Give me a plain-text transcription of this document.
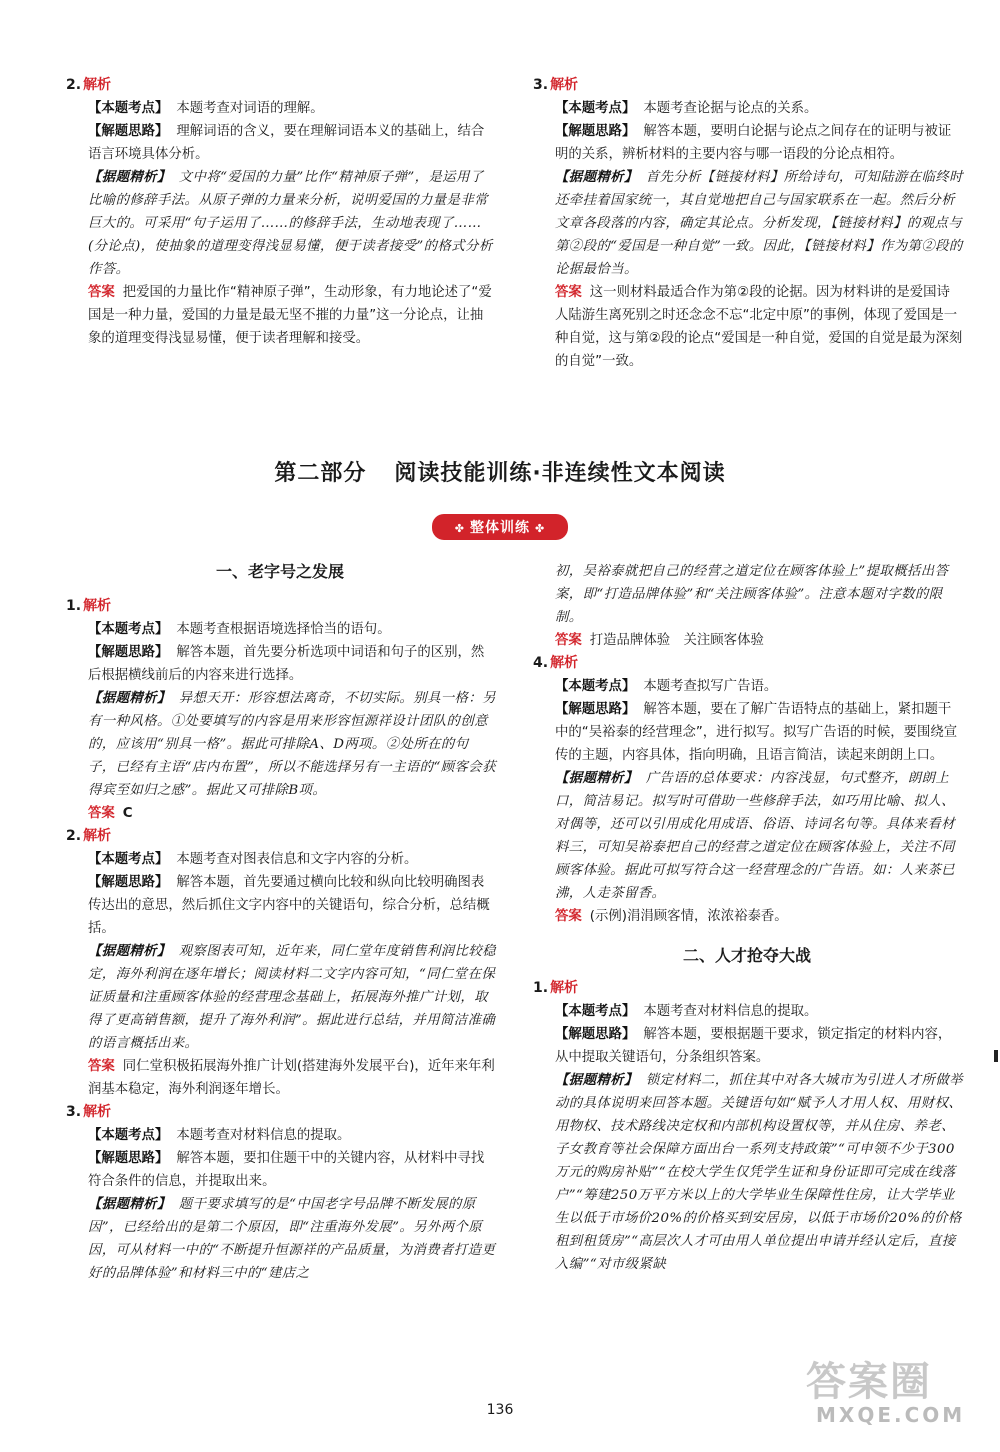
2. 解析

【本题考点】 本题考查对词语的理解。

【解题思路】 理解词语的含义，要在理解词语本义的基础上，结合语言环境具体分析。

【据题精析】 文中将“爱国的力量”比作“精神原子弹”，是运用了比喻的修辞手法。从原子弹的力量来分析，说明爱国的力量是非常巨大的。可采用“句子运用了……的修辞手法，生动地表现了……(分论点)，使抽象的道理变得浅显易懂，便于读者接受”的格式分析作答。

答案 把爱国的力量比作“精神原子弹”，生动形象，有力地论述了“爱国是一种力量，爱国的力量是最无坚不摧的力量”这一分论点，让抽象的道理变得浅显易懂，便于读者理解和接受。

3. 解析

【本题考点】 本题考查论据与论点的关系。

【解题思路】 解答本题，要明白论据与论点之间存在的证明与被证明的关系，辨析材料的主要内容与哪一语段的分论点相符。

【据题精析】 首先分析【链接材料】所给诗句，可知陆游在临终时还牵挂着国家统一，其自觉地把自己与国家联系在一起。然后分析文章各段落的内容，确定其论点。分析发现，【链接材料】的观点与第②段的“爱国是一种自觉”一致。因此，【链接材料】作为第②段的论据最恰当。

答案 这一则材料最适合作为第②段的论据。因为材料讲的是爱国诗人陆游生离死别之时还念念不忘“北定中原”的事例，体现了爱国是一种自觉，这与第②段的论点“爱国是一种自觉，爱国的自觉是最为深刻的自觉”一致。

第二部分 阅读技能训练·非连续性文本阅读
✤ 整体训练 ✤

一、老字号之发展

1. 解析

【本题考点】 本题考查根据语境选择恰当的语句。

【解题思路】 解答本题，首先要分析选项中词语和句子的区别，然后根据横线前后的内容来进行选择。

【据题精析】 异想天开：形容想法离奇，不切实际。别具一格：另有一种风格。①处要填写的内容是用来形容恒源祥设计团队的创意的，应该用“别具一格”。据此可排除A、D两项。②处所在的句子，已经有主语“店内布置”，所以不能选择另有一主语的“顾客会获得宾至如归之感”。据此又可排除B项。

答案 C

2. 解析

【本题考点】 本题考查对图表信息和文字内容的分析。

【解题思路】 解答本题，首先要通过横向比较和纵向比较明确图表传达出的意思，然后抓住文字内容中的关键语句，综合分析，总结概括。

【据题精析】 观察图表可知，近年来，同仁堂年度销售利润比较稳定，海外利润在逐年增长；阅读材料二文字内容可知，“同仁堂在保证质量和注重顾客体验的经营理念基础上，拓展海外推广计划，取得了更高销售额，提升了海外利润”。据此进行总结，并用简洁准确的语言概括出来。

答案 同仁堂积极拓展海外推广计划(搭建海外发展平台)，近年来年利润基本稳定，海外利润逐年增长。

3. 解析

【本题考点】 本题考查对材料信息的提取。

【解题思路】 解答本题，要扣住题干中的关键内容，从材料中寻找符合条件的信息，并提取出来。

【据题精析】 题干要求填写的是“中国老字号品牌不断发展的原因”，已经给出的是第二个原因，即“注重海外发展”。另外两个原因，可从材料一中的“不断提升恒源祥的产品质量，为消费者打造更好的品牌体验”和材料三中的“建店之

初，吴裕泰就把自己的经营之道定位在顾客体验上”提取概括出答案，即“打造品牌体验”和“关注顾客体验”。注意本题对字数的限制。

答案 打造品牌体验　关注顾客体验

4. 解析

【本题考点】 本题考查拟写广告语。

【解题思路】 解答本题，要在了解广告语特点的基础上，紧扣题干中的“吴裕泰的经营理念”，进行拟写。拟写广告语的时候，要围绕宣传的主题，内容具体，指向明确，且语言简洁，读起来朗朗上口。

【据题精析】 广告语的总体要求：内容浅显，句式整齐，朗朗上口，简洁易记。拟写时可借助一些修辞手法，如巧用比喻、拟人、对偶等，还可以引用成化用成语、俗语、诗词名句等。具体来看材料三，可知吴裕泰把自己的经营之道定位在顾客体验上，关注不同顾客体验。据此可拟写符合这一经营理念的广告语。如：人来茶已沸，人走茶留香。

答案 (示例)涓涓顾客情，浓浓裕泰香。

二、人才抢夺大战

1. 解析

【本题考点】 本题考查对材料信息的提取。

【解题思路】 解答本题，要根据题干要求，锁定指定的材料内容，从中提取关键语句，分条组织答案。

【据题精析】 锁定材料二，抓住其中对各大城市为引进人才所做举动的具体说明来回答本题。关键语句如“赋予人才用人权、用财权、用物权、技术路线决定权和内部机构设置权等，并从住房、养老、子女教育等社会保障方面出台一系列支持政策”“可申领不少于300万元的购房补贴”“在校大学生仅凭学生证和身份证即可完成在线落户”“筹建250万平方米以上的大学毕业生保障性住房，让大学毕业生以低于市场价20%的价格买到安居房，以低于市场价20%的价格租到租赁房”“高层次人才可由用人单位提出申请并经认定后，直接入编”“对市级紧缺

136
答案圈
MXQE.COM
